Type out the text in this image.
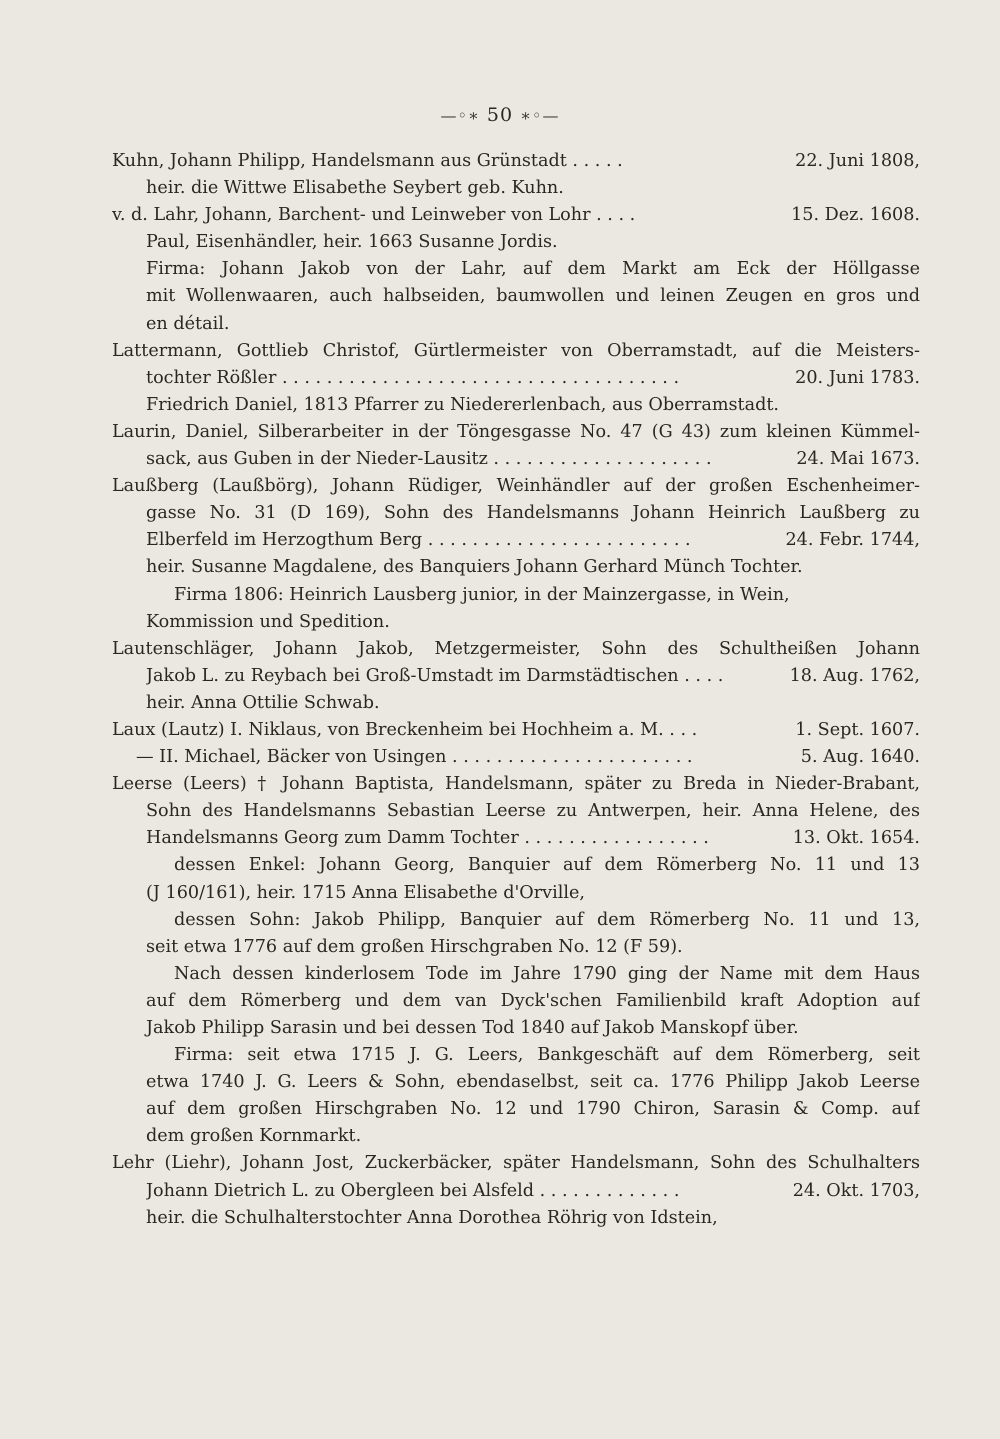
—◦∗ 50 ∗◦—
Kuhn, Johann Philipp, Handelsmann aus Grünstadt . . . . .	22. Juni 1808,
heir. die Wittwe Elisabethe Seybert geb. Kuhn.
v. d. Lahr, Johann, Barchent- und Leinweber von Lohr . . . .	15. Dez. 1608.
Paul, Eisenhändler, heir. 1663 Susanne Jordis.
Firma: Johann Jakob von der Lahr, auf dem Markt am Eck der Höllgasse
mit Wollenwaaren, auch halbseiden, baumwollen und leinen Zeugen en gros und
en détail.
Lattermann, Gottlieb Christof, Gürtlermeister von Oberramstadt, auf die Meisters-
tochter Rößler . . . . . . . . . . . . . . . . . . . . . . . . . . . . . . . . . . . .	20. Juni 1783.
Friedrich Daniel, 1813 Pfarrer zu Niedererlenbach, aus Oberramstadt.
Laurin, Daniel, Silberarbeiter in der Töngesgasse No. 47 (G 43) zum kleinen Kümmel-
sack, aus Guben in der Nieder-Lausitz . . . . . . . . . . . . . . . . . . . .	24. Mai 1673.
Laußberg (Laußbörg), Johann Rüdiger, Weinhändler auf der großen Eschenheimer-
gasse No. 31 (D 169), Sohn des Handelsmanns Johann Heinrich Laußberg zu
Elberfeld im Herzogthum Berg . . . . . . . . . . . . . . . . . . . . . . . .	24. Febr. 1744,
heir. Susanne Magdalene, des Banquiers Johann Gerhard Münch Tochter.
Firma 1806: Heinrich Lausberg junior, in der Mainzergasse, in Wein,
Kommission und Spedition.
Lautenschläger, Johann Jakob, Metzgermeister, Sohn des Schultheißen Johann
Jakob L. zu Reybach bei Groß-Umstadt im Darmstädtischen . . . .	18. Aug. 1762,
heir. Anna Ottilie Schwab.
Laux (Lautz) I. Niklaus, von Breckenheim bei Hochheim a. M. . . .	1. Sept. 1607.
— II. Michael, Bäcker von Usingen . . . . . . . . . . . . . . . . . . . . . .	5. Aug. 1640.
Leerse (Leers) † Johann Baptista, Handelsmann, später zu Breda in Nieder-Brabant,
Sohn des Handelsmanns Sebastian Leerse zu Antwerpen, heir. Anna Helene, des
Handelsmanns Georg zum Damm Tochter . . . . . . . . . . . . . . . . .	13. Okt. 1654.
dessen Enkel: Johann Georg, Banquier auf dem Römerberg No. 11 und 13
(J 160/161), heir. 1715 Anna Elisabethe d'Orville,
dessen Sohn: Jakob Philipp, Banquier auf dem Römerberg No. 11 und 13,
seit etwa 1776 auf dem großen Hirschgraben No. 12 (F 59).
Nach dessen kinderlosem Tode im Jahre 1790 ging der Name mit dem Haus
auf dem Römerberg und dem van Dyck'schen Familienbild kraft Adoption auf
Jakob Philipp Sarasin und bei dessen Tod 1840 auf Jakob Manskopf über.
Firma: seit etwa 1715 J. G. Leers, Bankgeschäft auf dem Römerberg, seit
etwa 1740 J. G. Leers & Sohn, ebendaselbst, seit ca. 1776 Philipp Jakob Leerse
auf dem großen Hirschgraben No. 12 und 1790 Chiron, Sarasin & Comp. auf
dem großen Kornmarkt.
Lehr (Liehr), Johann Jost, Zuckerbäcker, später Handelsmann, Sohn des Schulhalters
Johann Dietrich L. zu Obergleen bei Alsfeld . . . . . . . . . . . . .	24. Okt. 1703,
heir. die Schulhalterstochter Anna Dorothea Röhrig von Idstein,
